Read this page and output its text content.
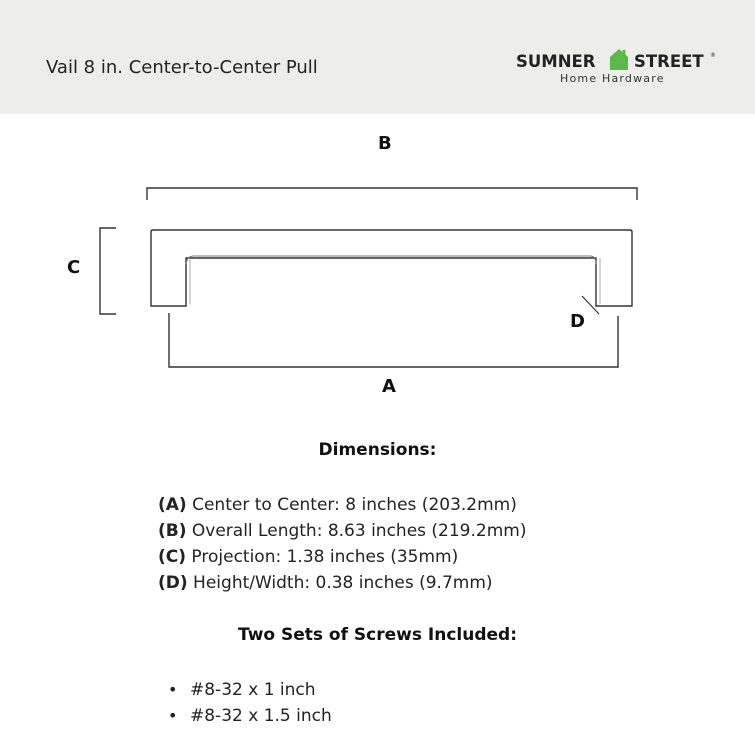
Vail 8 in. Center-to-Center Pull	SUMNER STREET ®
Home Hardware
B
C
D
A
Dimensions:
(A) Center to Center: 8 inches (203.2mm)
(B) Overall Length: 8.63 inches (219.2mm)
(C) Projection: 1.38 inches (35mm)
(D) Height/Width: 0.38 inches (9.7mm)
Two Sets of Screws Included:
• #8-32 x 1 inch
• #8-32 x 1.5 inch
